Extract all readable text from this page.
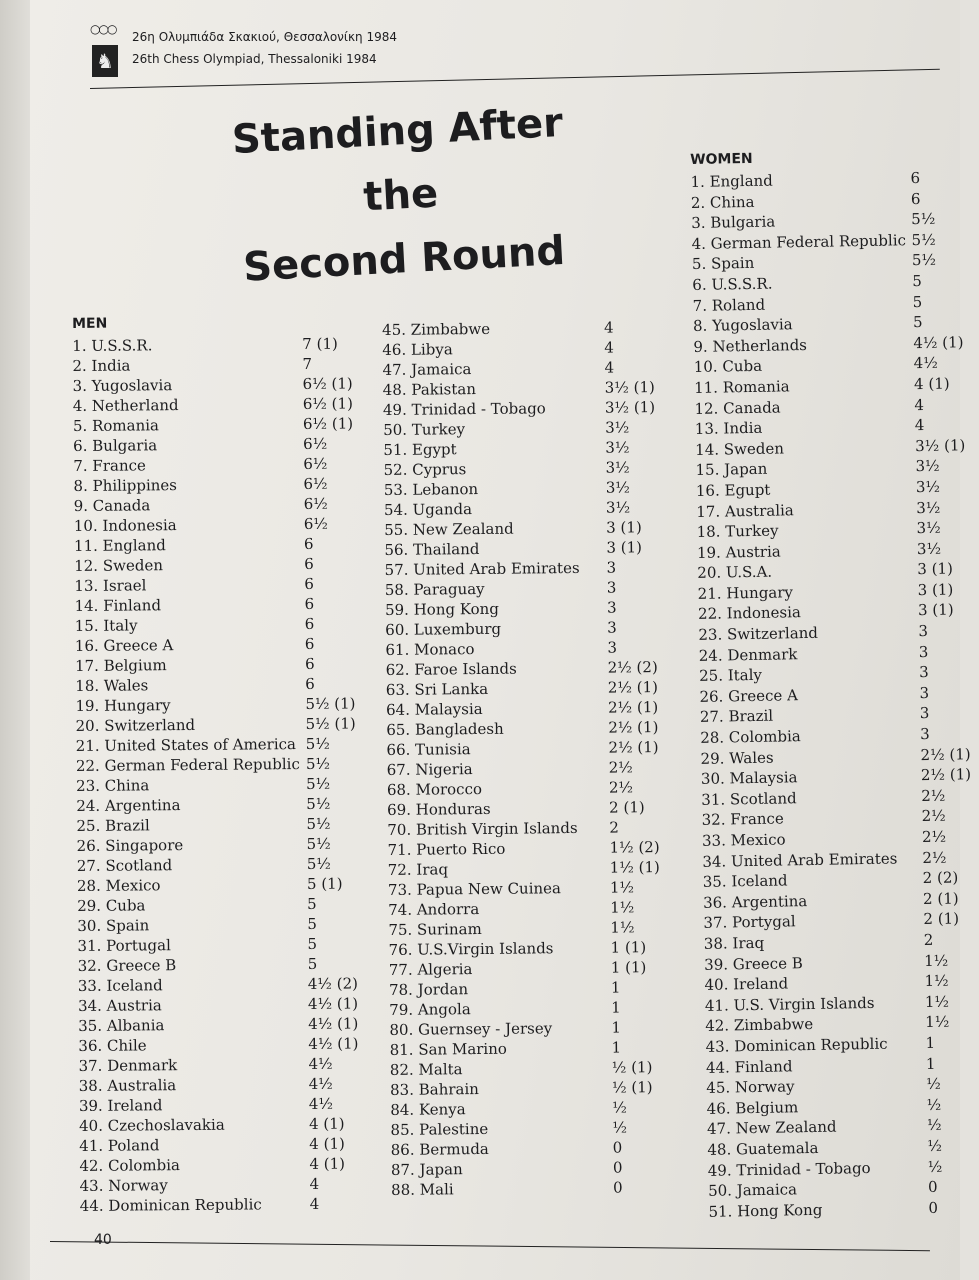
○○○
♞
26η Ολυμπιάδα Σκακιού, Θεσσαλονίκη 1984
26th Chess Olympiad, Thessaloniki 1984
Standing After the
Second Round
MEN
1. U.S.S.R.	7 (1)
2. India	7
3. Yugoslavia	6½ (1)
4. Netherland	6½ (1)
5. Romania	6½ (1)
6. Bulgaria	6½
7. France	6½
8. Philippines	6½
9. Canada	6½
10. Indonesia	6½
11. England	6
12. Sweden	6
13. Israel	6
14. Finland	6
15. Italy	6
16. Greece A	6
17. Belgium	6
18. Wales	6
19. Hungary	5½ (1)
20. Switzerland	5½ (1)
21. United States of America 5½
22. German Federal Republic 5½
23. China	5½
24. Argentina	5½
25. Brazil	5½
26. Singapore	5½
27. Scotland	5½
28. Mexico	5 (1)
29. Cuba	5
30. Spain	5
31. Portugal	5
32. Greece B	5
33. Iceland	4½ (2)
34. Austria	4½ (1)
35. Albania	4½ (1)
36. Chile	4½ (1)
37. Denmark	4½
38. Australia	4½
39. Ireland	4½
40. Czechoslavakia	4 (1)
41. Poland	4 (1)
42. Colombia	4 (1)
43. Norway	4
44. Dominican Republic	4
45. Zimbabwe	4
46. Libya	4
47. Jamaica	4
48. Pakistan	3½ (1)
49. Trinidad - Tobago	3½ (1)
50. Turkey	3½
51. Egypt	3½
52. Cyprus	3½
53. Lebanon	3½
54. Uganda	3½
55. New Zealand	3 (1)
56. Thailand	3 (1)
57. United Arab Emirates 3
58. Paraguay	3
59. Hong Kong	3
60. Luxemburg	3
61. Monaco	3
62. Faroe Islands	2½ (2)
63. Sri Lanka	2½ (1)
64. Malaysia	2½ (1)
65. Bangladesh	2½ (1)
66. Tunisia	2½ (1)
67. Nigeria	2½
68. Morocco	2½
69. Honduras	2 (1)
70. British Virgin Islands 2
71. Puerto Rico	1½ (2)
72. Iraq	1½ (1)
73. Papua New Cuinea	1½
74. Andorra	1½
75. Surinam	1½
76. U.S.Virgin Islands	1 (1)
77. Algeria	1 (1)
78. Jordan	1
79. Angola	1
80. Guernsey - Jersey	1
81. San Marino	1
82. Malta	½ (1)
83. Bahrain	½ (1)
84. Kenya	½
85. Palestine	½
86. Bermuda	0
87. Japan	0
88. Mali	0
WOMEN
1. England	6
2. China	6
3. Bulgaria	5½
4. German Federal Republic 5½
5. Spain	5½
6. U.S.S.R.	5
7. Roland	5
8. Yugoslavia	5
9. Netherlands	4½ (1)
10. Cuba	4½
11. Romania	4 (1)
12. Canada	4
13. India	4
14. Sweden	3½ (1)
15. Japan	3½
16. Egupt	3½
17. Australia	3½
18. Turkey	3½
19. Austria	3½
20. U.S.A.	3 (1)
21. Hungary	3 (1)
22. Indonesia	3 (1)
23. Switzerland	3
24. Denmark	3
25. Italy	3
26. Greece A	3
27. Brazil	3
28. Colombia	3
29. Wales	2½ (1)
30. Malaysia	2½ (1)
31. Scotland	2½
32. France	2½
33. Mexico	2½
34. United Arab Emirates 2½
35. Iceland	2 (2)
36. Argentina	2 (1)
37. Portygal	2 (1)
38. Iraq	2
39. Greece B	1½
40. Ireland	1½
41. U.S. Virgin Islands	1½
42. Zimbabwe	1½
43. Dominican Republic	1
44. Finland	1
45. Norway	½
46. Belgium	½
47. New Zealand	½
48. Guatemala	½
49. Trinidad - Tobago	½
50. Jamaica	0
51. Hong Kong	0
40
